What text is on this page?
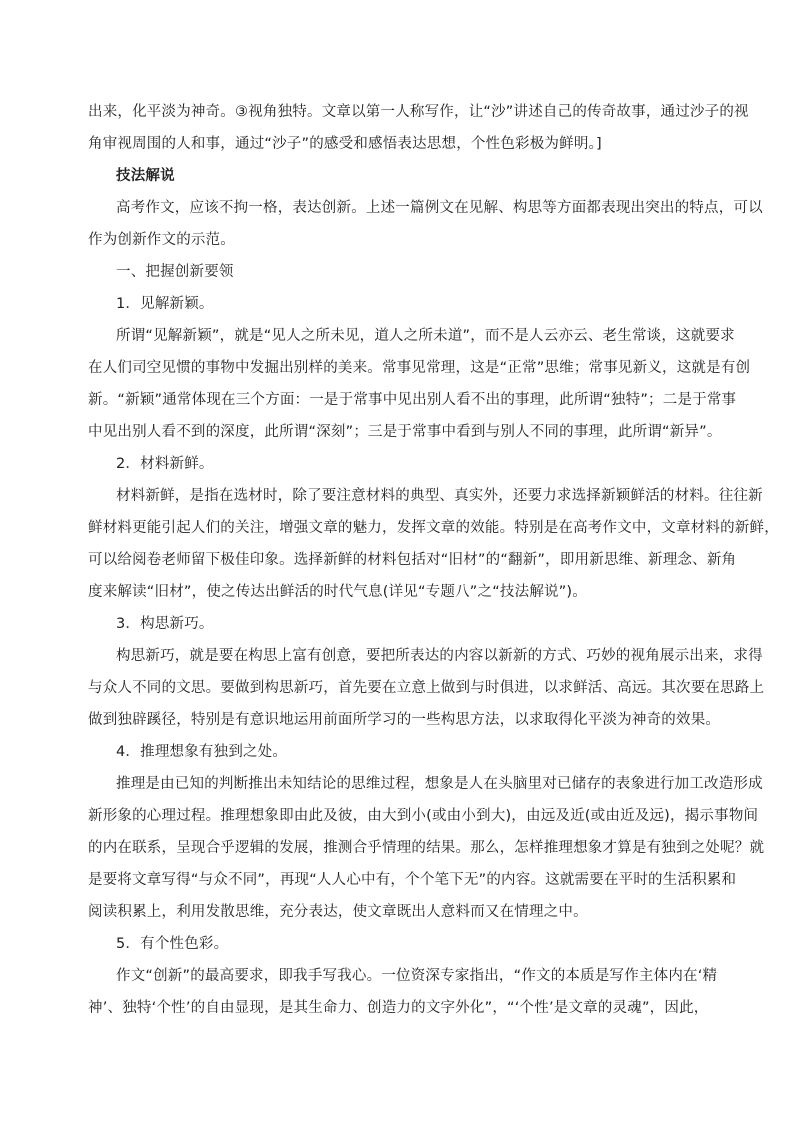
出来，化平淡为神奇。③视角独特。文章以第一人称写作，让“沙”讲述自己的传奇故事，通过沙子的视
角审视周围的人和事，通过“沙子”的感受和感悟表达思想，个性色彩极为鲜明。]
技法解说
高考作文，应该不拘一格，表达创新。上述一篇例文在见解、构思等方面都表现出突出的特点，可以
作为创新作文的示范。
一、把握创新要领
1．见解新颖。
所谓“见解新颖”，就是“见人之所未见，道人之所未道”，而不是人云亦云、老生常谈，这就要求
在人们司空见惯的事物中发掘出别样的美来。常事见常理，这是“正常”思维；常事见新义，这就是有创
新。“新颖”通常体现在三个方面：一是于常事中见出别人看不出的事理，此所谓“独特”；二是于常事
中见出别人看不到的深度，此所谓“深刻”；三是于常事中看到与别人不同的事理，此所谓“新异”。
2．材料新鲜。
材料新鲜，是指在选材时，除了要注意材料的典型、真实外，还要力求选择新颖鲜活的材料。往往新
鲜材料更能引起人们的关注，增强文章的魅力，发挥文章的效能。特别是在高考作文中，文章材料的新鲜，
可以给阅卷老师留下极佳印象。选择新鲜的材料包括对“旧材”的“翻新”，即用新思维、新理念、新角
度来解读“旧材”，使之传达出鲜活的时代气息(详见“专题八”之“技法解说”)。
3．构思新巧。
构思新巧，就是要在构思上富有创意，要把所表达的内容以新新的方式、巧妙的视角展示出来，求得
与众人不同的文思。要做到构思新巧，首先要在立意上做到与时俱进，以求鲜活、高远。其次要在思路上
做到独辟蹊径，特别是有意识地运用前面所学习的一些构思方法，以求取得化平淡为神奇的效果。
4．推理想象有独到之处。
推理是由已知的判断推出未知结论的思维过程，想象是人在头脑里对已储存的表象进行加工改造形成
新形象的心理过程。推理想象即由此及彼，由大到小(或由小到大)，由远及近(或由近及远)，揭示事物间
的内在联系，呈现合乎逻辑的发展，推测合乎情理的结果。那么，怎样推理想象才算是有独到之处呢？就
是要将文章写得“与众不同”，再现“人人心中有，个个笔下无”的内容。这就需要在平时的生活积累和
阅读积累上，利用发散思维，充分表达，使文章既出人意料而又在情理之中。
5．有个性色彩。
作文“创新”的最高要求，即我手写我心。一位资深专家指出，“作文的本质是写作主体内在‘精
神’、独特‘个性’的自由显现，是其生命力、创造力的文字外化”，“‘个性’是文章的灵魂”，因此，
